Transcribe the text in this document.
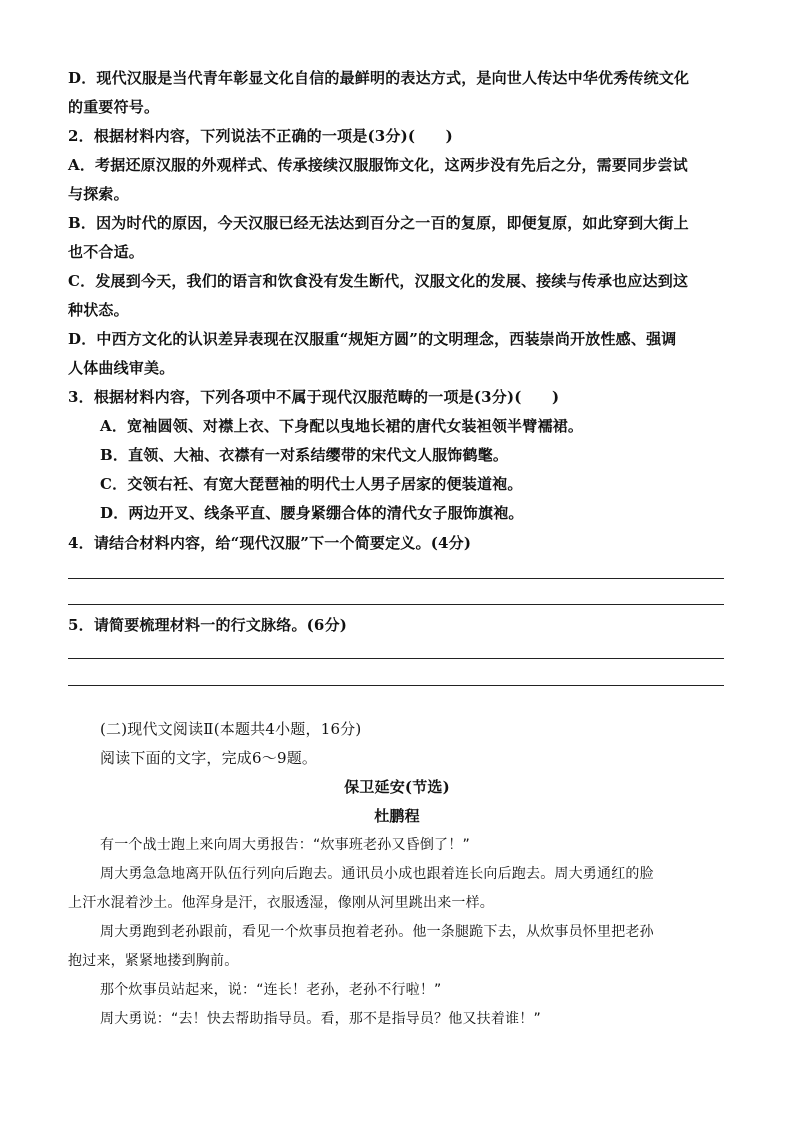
D．现代汉服是当代青年彰显文化自信的最鲜明的表达方式，是向世人传达中华优秀传统文化
的重要符号。
2．根据材料内容，下列说法不正确的一项是(3分)(　　)
A．考据还原汉服的外观样式、传承接续汉服服饰文化，这两步没有先后之分，需要同步尝试
与探索。
B．因为时代的原因，今天汉服已经无法达到百分之一百的复原，即便复原，如此穿到大街上
也不合适。
C．发展到今天，我们的语言和饮食没有发生断代，汉服文化的发展、接续与传承也应达到这
种状态。
D．中西方文化的认识差异表现在汉服重“规矩方圆”的文明理念，西装崇尚开放性感、强调
人体曲线审美。
3．根据材料内容，下列各项中不属于现代汉服范畴的一项是(3分)(　　)
A．宽袖圆领、对襟上衣、下身配以曳地长裙的唐代女装袒领半臂襦裙。
B．直领、大袖、衣襟有一对系结缨带的宋代文人服饰鹤氅。
C．交领右衽、有宽大琵琶袖的明代士人男子居家的便装道袍。
D．两边开叉、线条平直、腰身紧绷合体的清代女子服饰旗袍。
4．请结合材料内容，给“现代汉服”下一个简要定义。(4分)
5．请简要梳理材料一的行文脉络。(6分)
(二)现代文阅读Ⅱ(本题共4小题，16分)
阅读下面的文字，完成6～9题。
保卫延安(节选)
杜鹏程
有一个战士跑上来向周大勇报告：“炊事班老孙又昏倒了！”
周大勇急急地离开队伍行列向后跑去。通讯员小成也跟着连长向后跑去。周大勇通红的脸
上汗水混着沙土。他浑身是汗，衣服透湿，像刚从河里跳出来一样。
周大勇跑到老孙跟前，看见一个炊事员抱着老孙。他一条腿跪下去，从炊事员怀里把老孙
抱过来，紧紧地搂到胸前。
那个炊事员站起来，说：“连长！老孙，老孙不行啦！”
周大勇说：“去！快去帮助指导员。看，那不是指导员？他又扶着谁！”
